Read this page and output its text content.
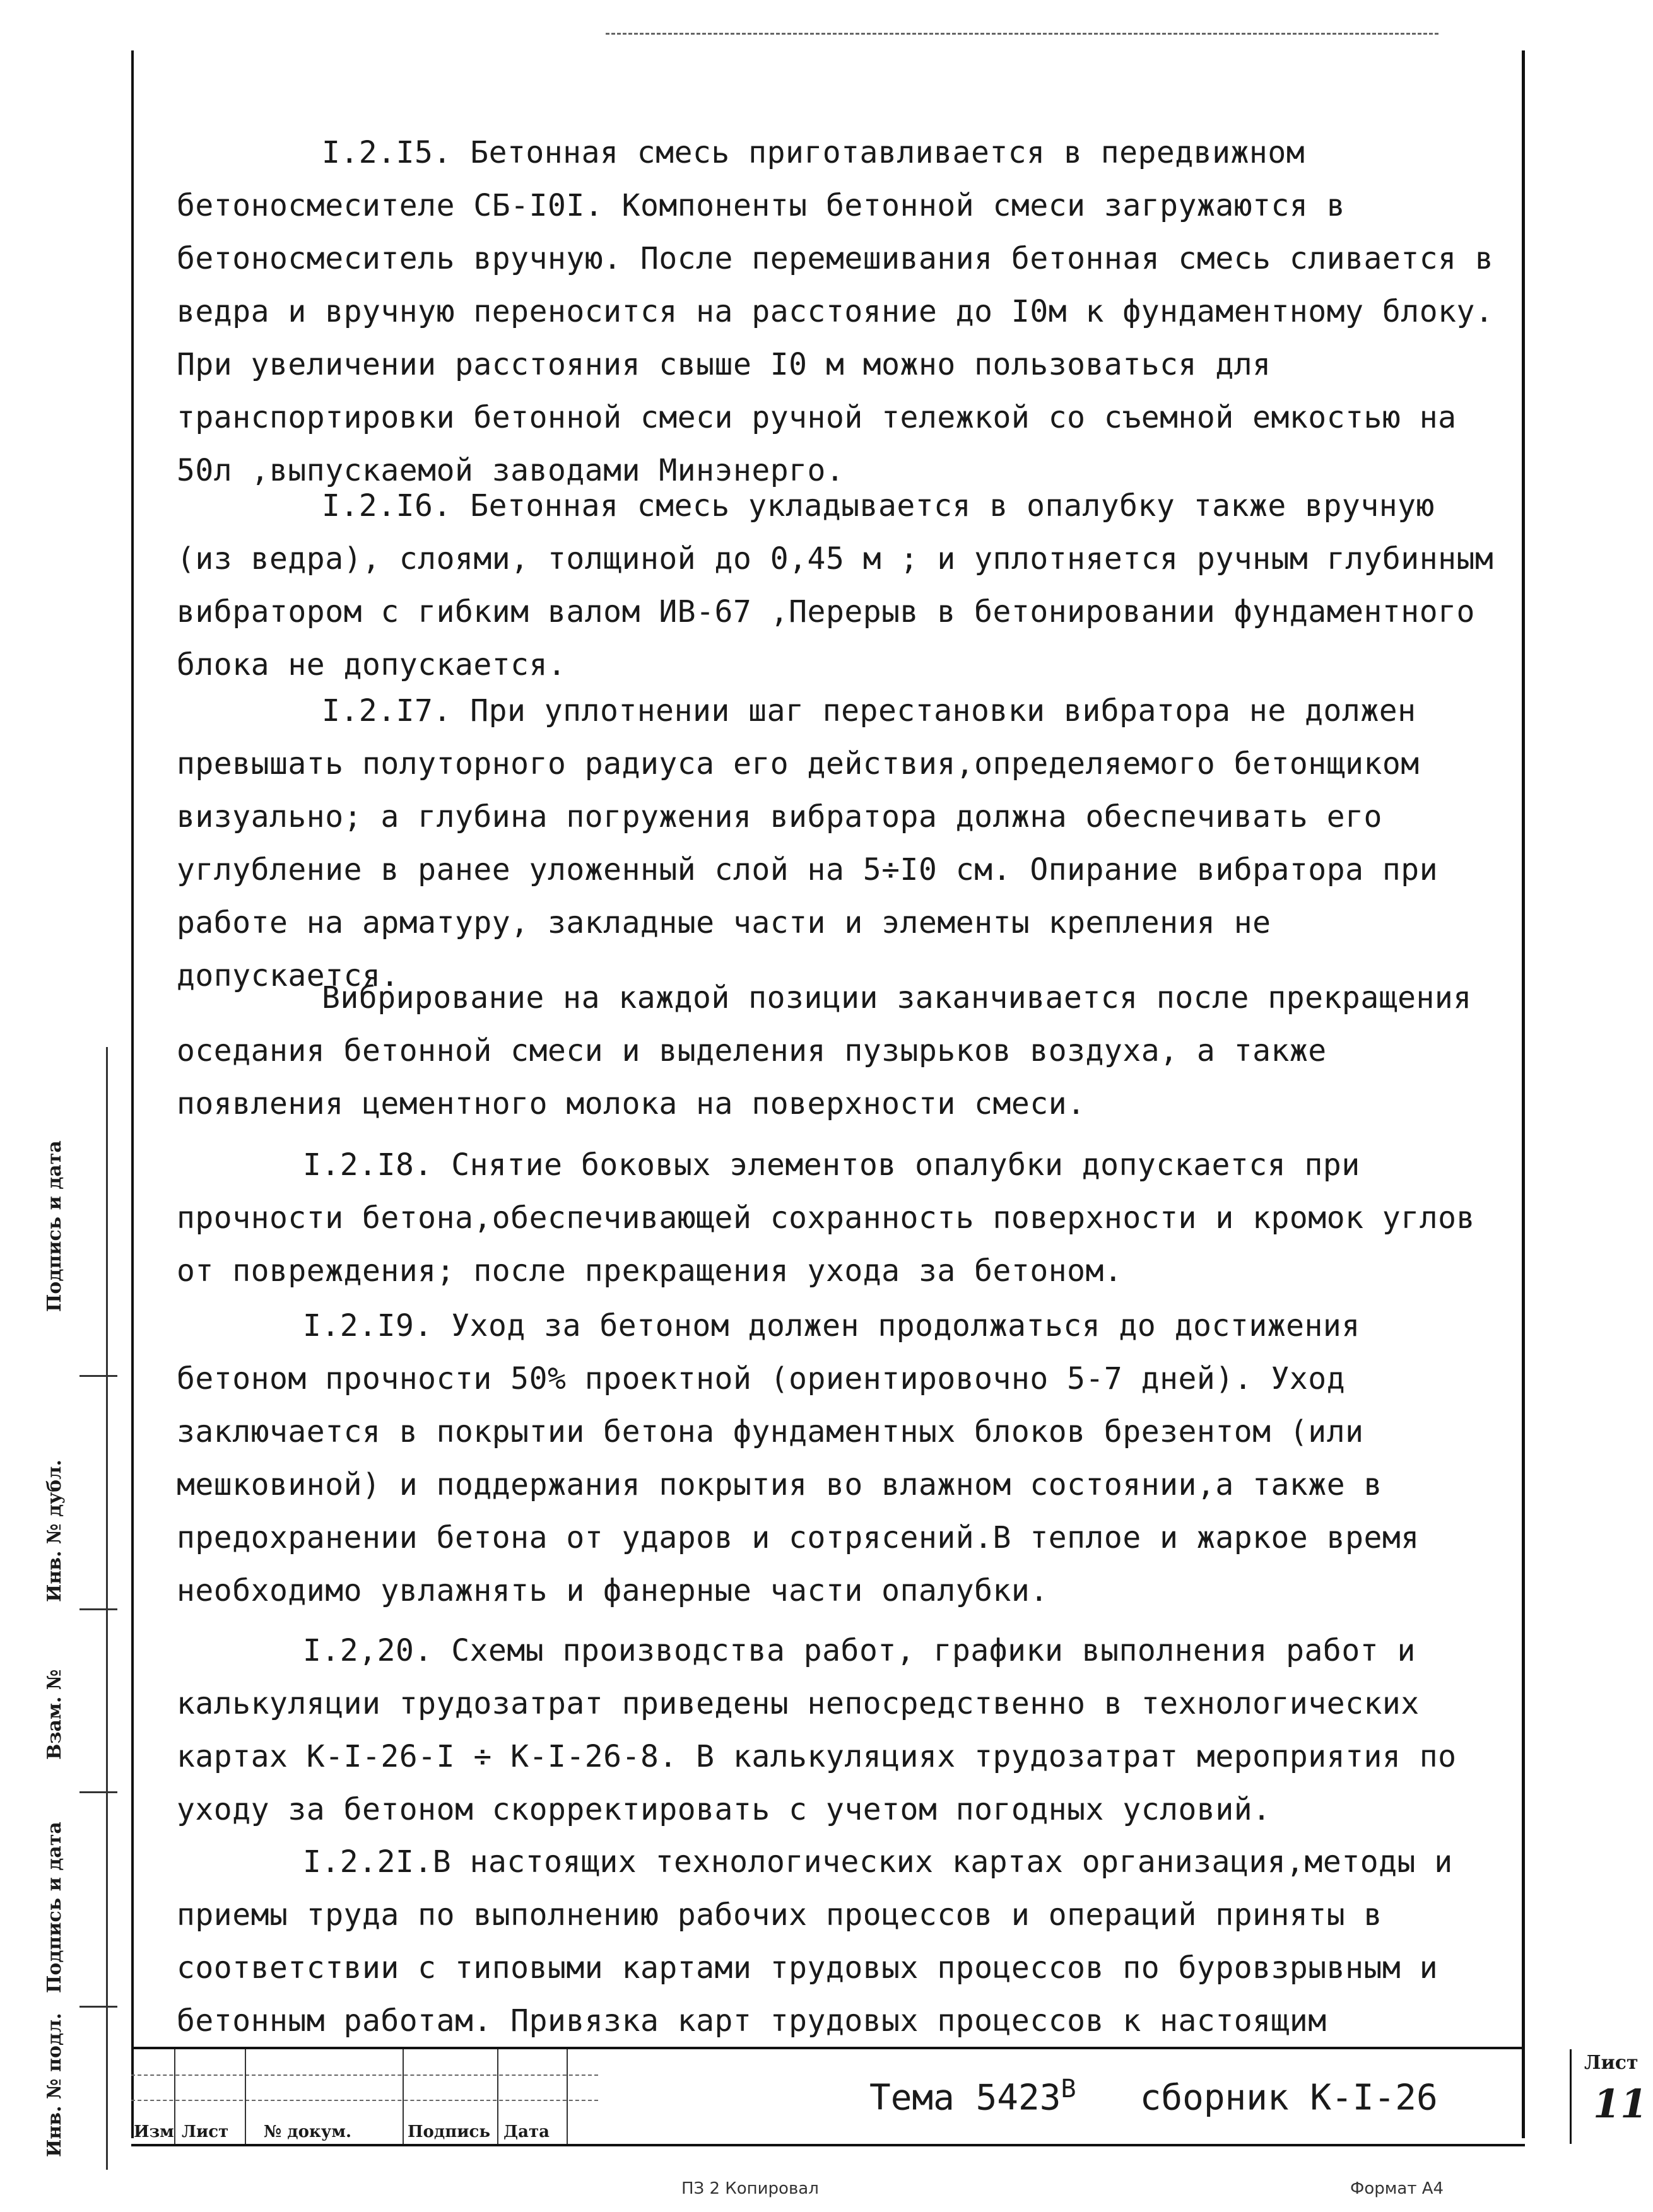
I.2.I5. Бетонная смесь приготавливается в передвижном бетоносмесителе СБ-I0I. Компоненты бетонной смеси загружаются в бетоносмеситель вручную. После перемешивания бетонная смесь сливается в ведра и вручную переносится на расстояние до I0м к фундаментному блоку. При увеличении расстояния свыше I0 м можно пользоваться для транспортировки бетонной смеси ручной тележкой со съемной емкостью на 50л ,выпускаемой заводами Минэнерго.

I.2.I6. Бетонная смесь укладывается в опалубку также вручную (из ведра), слоями, толщиной до 0,45 м ; и уплотняется ручным глубинным вибратором с гибким валом ИВ-67 ,Перерыв в бетонировании фундаментного блока не допускается.

I.2.I7. При уплотнении шаг перестановки вибратора не должен превышать полуторного радиуса его действия,определяемого бетонщиком визуально; а глубина погружения вибратора должна обеспечивать его углубление в ранее уложенный слой на 5÷I0 см. Опирание вибратора при работе на арматуру, закладные части и элементы крепления не допускается.

Вибрирование на каждой позиции заканчивается после прекращения оседания бетонной смеси и выделения пузырьков воздуха, а также появления цементного молока на поверхности смеси.

I.2.I8. Снятие боковых элементов опалубки допускается при прочности бетона,обеспечивающей сохранность поверхности и кромок углов от повреждения; после прекращения ухода за бетоном.

I.2.I9. Уход за бетоном должен продолжаться до достижения бетоном прочности 50% проектной (ориентировочно 5-7 дней). Уход заключается в покрытии бетона фундаментных блоков брезентом (или мешковиной) и поддержания покрытия во влажном состоянии,а также в предохранении бетона от ударов и сотрясений.В теплое и жаркое время необходимо увлажнять и фанерные части опалубки.

I.2,20. Схемы производства работ, графики выполнения работ и калькуляции трудозатрат приведены непосредственно в технологических картах К-I-26-I ÷ К-I-26-8. В калькуляциях трудозатрат мероприятия по уходу за бетоном скорректировать с учетом погодных условий.

I.2.2I.В настоящих технологических картах организация,методы и приемы труда по выполнению рабочих процессов и операций приняты в соответствии с типовыми картами трудовых процессов по буровзрывным и бетонным работам. Привязка карт трудовых процессов к настоящим

Инв. № подл.
Подпись и дата
Взам. №
Инв. № дубл.
Подпись и дата
Изм Лист № докум.	Подпись Дата
Тема $5423^В$ сборник К-I-26
Лист
11
ПЗ 2 Копировал	Формат А4
